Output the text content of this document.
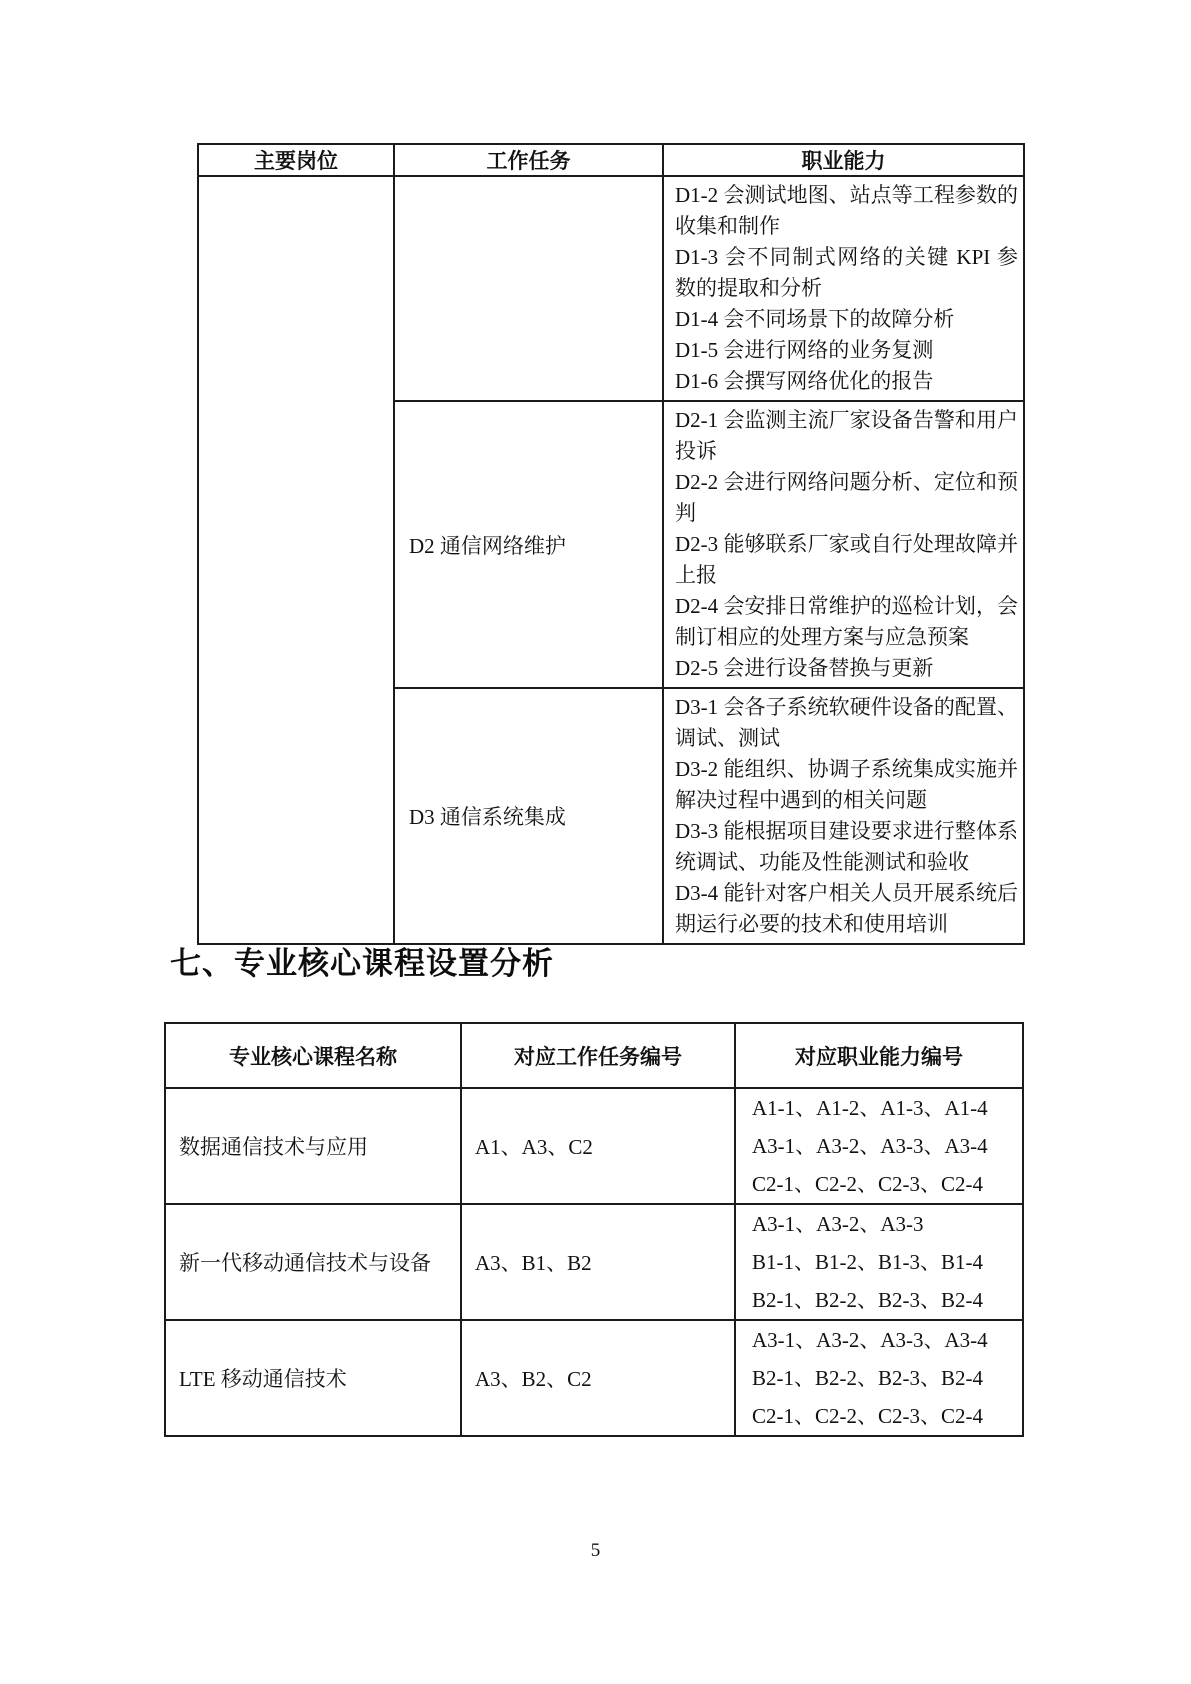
主要岗位	工作任务	职业能力

		D1-2 会测试地图、站点等工程参数的收集和制作
D1-3 会不同制式网络的关键 KPI 参数的提取和分析
D1-4 会不同场景下的故障分析
D1-5 会进行网络的业务复测
D1-6 会撰写网络优化的报告

	D2 通信网络维护	D2-1 会监测主流厂家设备告警和用户投诉
D2-2 会进行网络问题分析、定位和预判
D2-3 能够联系厂家或自行处理故障并上报
D2-4 会安排日常维护的巡检计划，会制订相应的处理方案与应急预案
D2-5 会进行设备替换与更新

	D3 通信系统集成	D3-1 会各子系统软硬件设备的配置、调试、测试
D3-2 能组织、协调子系统集成实施并解决过程中遇到的相关问题
D3-3 能根据项目建设要求进行整体系统调试、功能及性能测试和验收
D3-4 能针对客户相关人员开展系统后期运行必要的技术和使用培训
七、专业核心课程设置分析
专业核心课程名称	对应工作任务编号	对应职业能力编号
数据通信技术与应用	A1、A3、C2	A1-1、A1-2、A1-3、A1-4
A3-1、A3-2、A3-3、A3-4
C2-1、C2-2、C2-3、C2-4

新一代移动通信技术与设备	A3、B1、B2	A3-1、A3-2、A3-3
B1-1、B1-2、B1-3、B1-4
B2-1、B2-2、B2-3、B2-4

LTE 移动通信技术	A3、B2、C2	A3-1、A3-2、A3-3、A3-4
B2-1、B2-2、B2-3、B2-4
C2-1、C2-2、C2-3、C2-4
5
